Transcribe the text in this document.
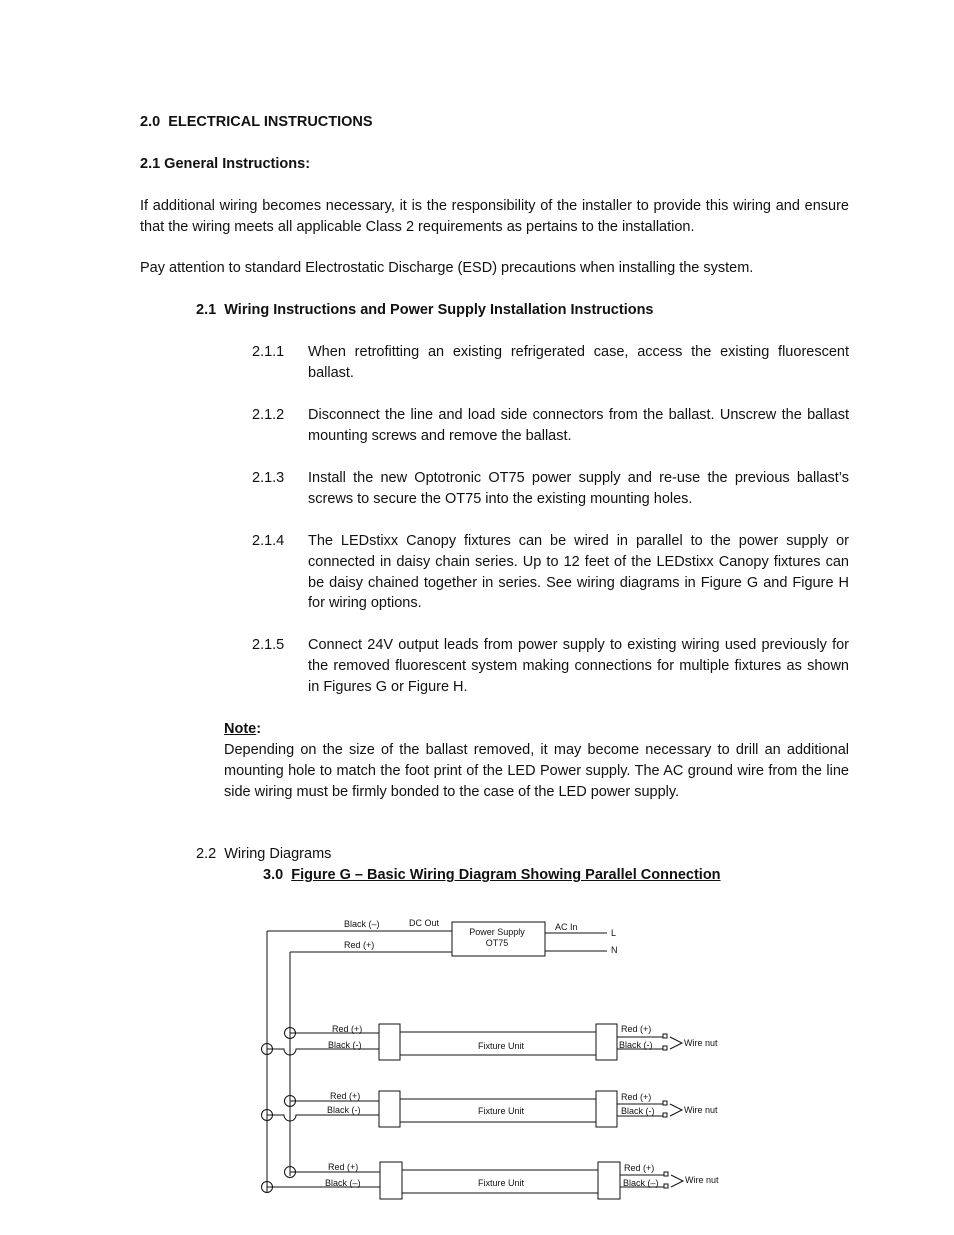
2.0 ELECTRICAL INSTRUCTIONS
2.1 General Instructions:
If additional wiring becomes necessary, it is the responsibility of the installer to provide this wiring and ensure that the wiring meets all applicable Class 2 requirements as pertains to the installation.
Pay attention to standard Electrostatic Discharge (ESD) precautions when installing the system.
2.1 Wiring Instructions and Power Supply Installation Instructions
2.1.1 When retrofitting an existing refrigerated case, access the existing fluorescent ballast.
2.1.2 Disconnect the line and load side connectors from the ballast. Unscrew the ballast mounting screws and remove the ballast.
2.1.3 Install the new Optotronic OT75 power supply and re-use the previous ballast’s screws to secure the OT75 into the existing mounting holes.
2.1.4 The LEDstixx Canopy fixtures can be wired in parallel to the power supply or connected in daisy chain series. Up to 12 feet of the LEDstixx Canopy fixtures can be daisy chained together in series. See wiring diagrams in Figure G and Figure H for wiring options.
2.1.5 Connect 24V output leads from power supply to existing wiring used previously for the removed fluorescent system making connections for multiple fixtures as shown in Figures G or Figure H.
Note:
Depending on the size of the ballast removed, it may become necessary to drill an additional mounting hole to match the foot print of the LED Power supply. The AC ground wire from the line side wiring must be firmly bonded to the case of the LED power supply.
2.2 Wiring Diagrams
3.0 Figure G – Basic Wiring Diagram Showing Parallel Connection
Black (–)	DC Out
Red (+)
Power Supply
OT75
AC In
L
N
Red (+)
Black (-)	Fixture Unit
Red (+)
Black (-)	Wire nut
Red (+)
Black (-)	Fixture Unit
Red (+)
Black (-)	Wire nut
Red (+)
Black (–)	Fixture Unit
Red (+)
Black (–)	Wire nut
